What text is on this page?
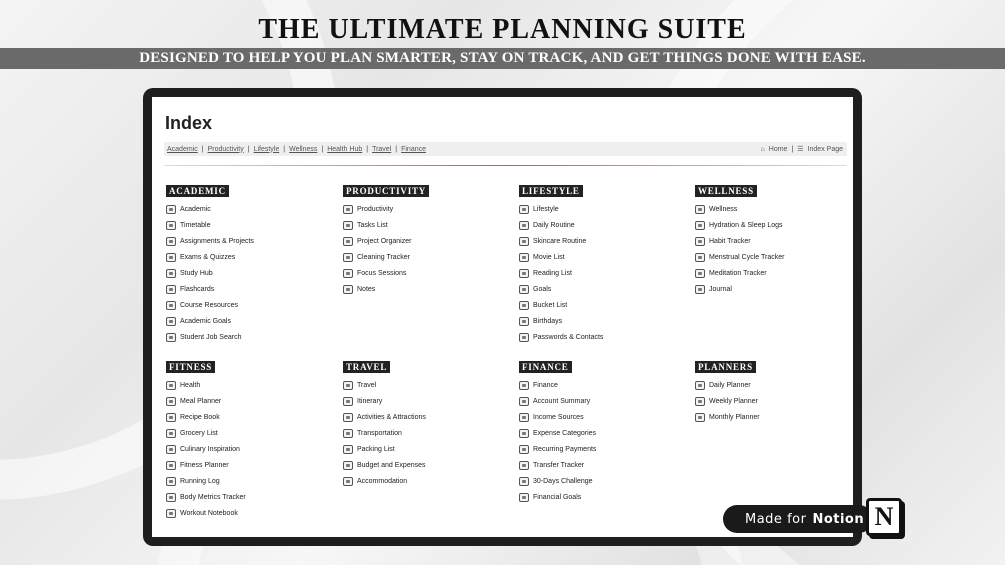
THE ULTIMATE PLANNING SUITE
DESIGNED TO HELP YOU PLAN SMARTER, STAY ON TRACK, AND GET THINGS DONE WITH EASE.
Index
Academic | Productivity | Lifestyle | Wellness | Health Hub | Travel | Finance	⌂ Home | ☰ Index Page
ACADEMIC
Academic
Timetable
Assignments & Projects
Exams & Quizzes
Study Hub
Flashcards
Course Resources
Academic Goals
Student Job Search
PRODUCTIVITY
Productivity
Tasks List
Project Organizer
Cleaning Tracker
Focus Sessions
Notes
LIFESTYLE
Lifestyle
Daily Routine
Skincare Routine
Movie List
Reading List
Goals
Bucket List
Birthdays
Passwords & Contacts
WELLNESS
Wellness
Hydration & Sleep Logs
Habit Tracker
Menstrual Cycle Tracker
Meditation Tracker
Journal
FITNESS
Health
Meal Planner
Recipe Book
Grocery List
Culinary Inspiration
Fitness Planner
Running Log
Body Metrics Tracker
Workout Notebook
TRAVEL
Travel
Itinerary
Activities & Attractions
Transportation
Packing List
Budget and Expenses
Accommodation
FINANCE
Finance
Account Summary
Income Sources
Expense Categories
Recurring Payments
Transfer Tracker
30-Days Challenge
Financial Goals
PLANNERS
Daily Planner
Weekly Planner
Monthly Planner
Made for Notion N
